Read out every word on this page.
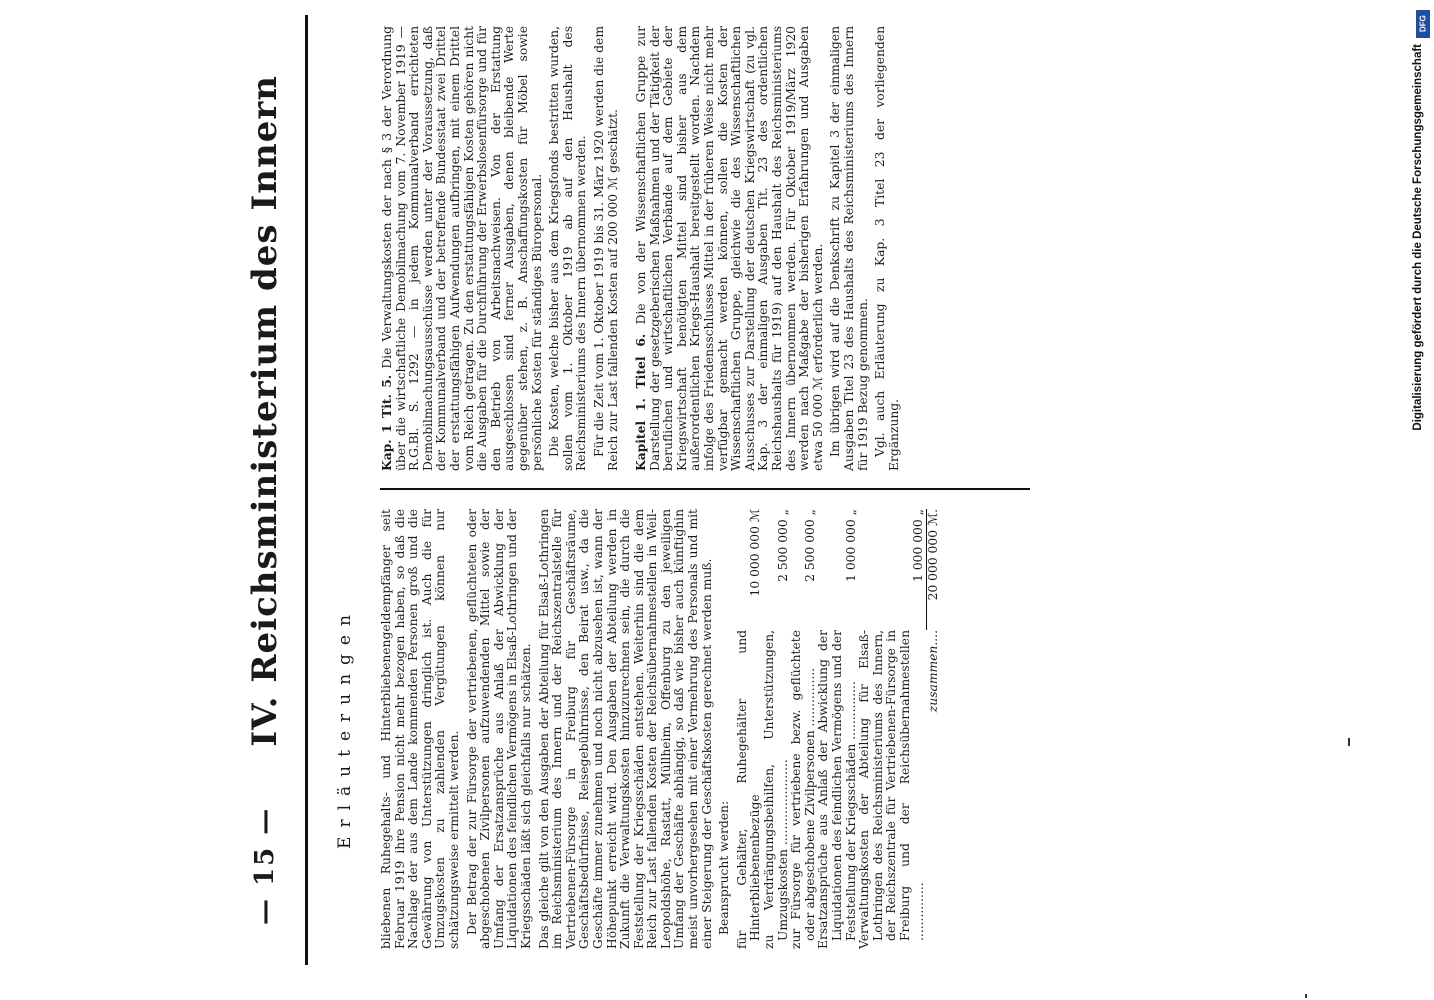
— 15 —
IV. Reichsministerium des Innern	Erläuterungen bliebenen Ruhegehalts- und Hinterbliebenengeldempfänger seit Februar 1919 ihre Pension nicht mehr bezogen haben, so daß die Nachlage der aus dem Lande kommenden Personen groß und die Gewährung von Unterstützungen dringlich ist. Auch die für Umzugskosten zu zahlenden Vergütungen können nur schätzungsweise ermittelt werden. Der Betrag der zur Fürsorge der vertriebenen, geflüchteten oder abgeschobenen Zivilpersonen aufzuwendenden Mittel sowie der Umfang der Ersatzansprüche aus Anlaß der Abwicklung der Liquidationen des feindlichen Vermögens in Elsaß-Lothringen und der Kriegsschäden läßt sich gleichfalls nur schätzen. Das gleiche gilt von den Ausgaben der Abteilung für Elsaß-Lothringen im Reichsministerium des Innern und der Reichszentralstelle für Vertriebenen-Fürsorge in Freiburg für Geschäftsräume, Geschäftsbedürfnisse, Reisegebührnisse, den Beirat usw., da die Geschäfte immer zunehmen und noch nicht abzusehen ist, wann der Höhepunkt erreicht wird. Den Ausgaben der Abteilung werden in Zukunft die Verwaltungskosten hinzuzurechnen sein, die durch die Feststellung der Kriegsschäden entstehen. Weiterhin sind die dem Reich zur Last fallenden Kosten der Reichsübernahmestellen in Weil-Leopoldshöhe, Rastatt, Müllheim, Offenburg zu den jeweiligen Umfang der Geschäfte abhängig, so daß wie bisher auch künftighin meist unvorhergesehen mit einer Vermehrung des Personals und mit einer Steigerung der Geschäftskosten gerechnet werden muß. Beansprucht werden: für Gehälter, Ruhegehälter und Hinterbliebenenbezüge	10 000 000 ℳ
zu Verdrängungsbeihilfen, Unterstützungen, Umzugskosten ......................	2 500 000 „
zur Fürsorge für vertriebene bezw. geflüchtete oder abgeschobene Zivilpersonen ...............	2 500 000 „
Ersatzansprüche aus Anlaß der Abwicklung der Liquidationen des feindlichen Vermögens und der Feststellung der Kriegsschäden ...............	1 000 000 „
Verwaltungskosten der Abteilung für Elsaß-Lothringen des Reichsministeriums des Innern, der Reichszentrale für Vertriebenen-Fürsorge in Freiburg und der Reichsübernahmestellen ...............	1 000 000 „
zusammen....	20 000 000 ℳ.

Kap. 1 Tit. 5. Die Verwaltungskosten der nach § 3 der Verordnung über die wirtschaftliche Demobilmachung vom 7. November 1919 — R.G.Bl. S. 1292 — in jedem Kommunalverband errichteten Demobilmachungsausschüsse werden unter der Voraussetzung, daß der Kommunalverband und der betreffende Bundesstaat zwei Drittel der erstattungsfähigen Aufwendungen aufbringen, mit einem Drittel vom Reich getragen. Zu den erstattungsfähigen Kosten gehören nicht die Ausgaben für die Durchführung der Erwerbslosenfürsorge und für den Betrieb von Arbeitsnachweisen. Von der Erstattung ausgeschlossen sind ferner Ausgaben, denen bleibende Werte gegenüber stehen, z. B. Anschaffungskosten für Möbel sowie persönliche Kosten für ständiges Büropersonal. Die Kosten, welche bisher aus dem Kriegsfonds bestritten wurden, sollen vom 1. Oktober 1919 ab auf den Haushalt des Reichsministeriums des Innern übernommen werden. Für die Zeit vom 1. Oktober 1919 bis 31. März 1920 werden die dem Reich zur Last fallenden Kosten auf 200 000 ℳ geschätzt. Kapitel 1. Titel 6. Die von der Wissenschaftlichen Gruppe zur Darstellung der gesetzgeberischen Maßnahmen und der Tätigkeit der beruflichen und wirtschaftlichen Verbände auf dem Gebiete der Kriegswirtschaft benötigten Mittel sind bisher aus dem außerordentlichen Kriegs-Haushalt bereitgestellt worden. Nachdem infolge des Friedensschlusses Mittel in der früheren Weise nicht mehr verfügbar gemacht werden können, sollen die Kosten der Wissenschaftlichen Gruppe, gleichwie die des Wissenschaftlichen Ausschusses zur Darstellung der deutschen Kriegswirtschaft (zu vgl. Kap. 3 der einmaligen Ausgaben Tit. 23 des ordentlichen Reichshaushalts für 1919) auf den Haushalt des Reichsministeriums des Innern übernommen werden. Für Oktober 1919/März 1920 werden nach Maßgabe der bisherigen Erfahrungen und Ausgaben etwa 50 000 ℳ erforderlich werden. Im übrigen wird auf die Denkschrift zu Kapitel 3 der einmaligen Ausgaben Titel 23 des Haushalts des Reichsministeriums des Innern für 1919 Bezug genommen. Vgl. auch Erläuterung zu Kap. 3 Titel 23 der vorliegenden Ergänzung.

DFG
Digitalisierung gefördert durch die Deutsche Forschungsgemeinschaft
